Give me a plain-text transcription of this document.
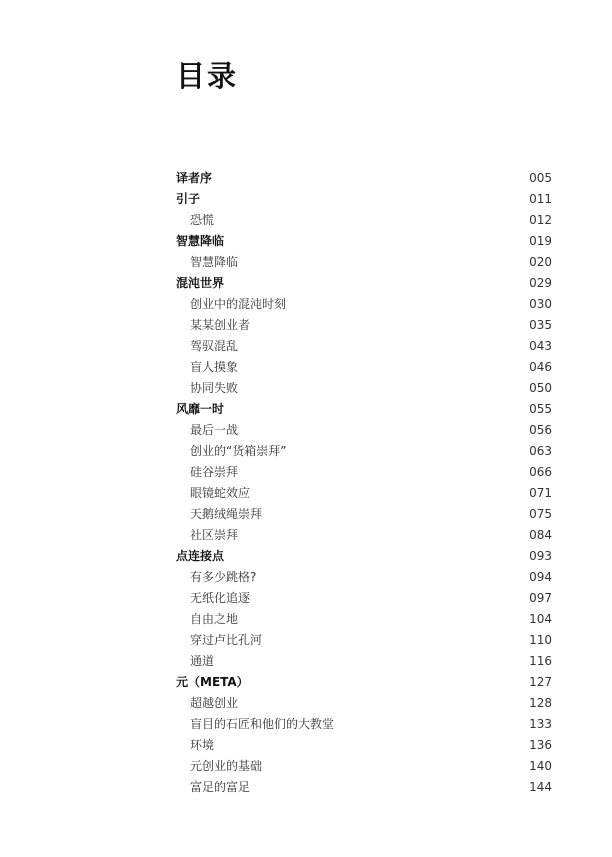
目录
译者序	005
引子	011
恐慌	012
智慧降临	019
智慧降临	020
混沌世界	029
创业中的混沌时刻	030
某某创业者	035
驾驭混乱	043
盲人摸象	046
协同失败	050
风靡一时	055
最后一战	056
创业的“货箱崇拜”	063
硅谷崇拜	066
眼镜蛇效应	071
天鹅绒绳崇拜	075
社区崇拜	084
点连接点	093
有多少跳格?	094
无纸化追逐	097
自由之地	104
穿过卢比孔河	110
通道	116
元（META）	127
超越创业	128
盲目的石匠和他们的大教堂	133
环境	136
元创业的基础	140
富足的富足	144
